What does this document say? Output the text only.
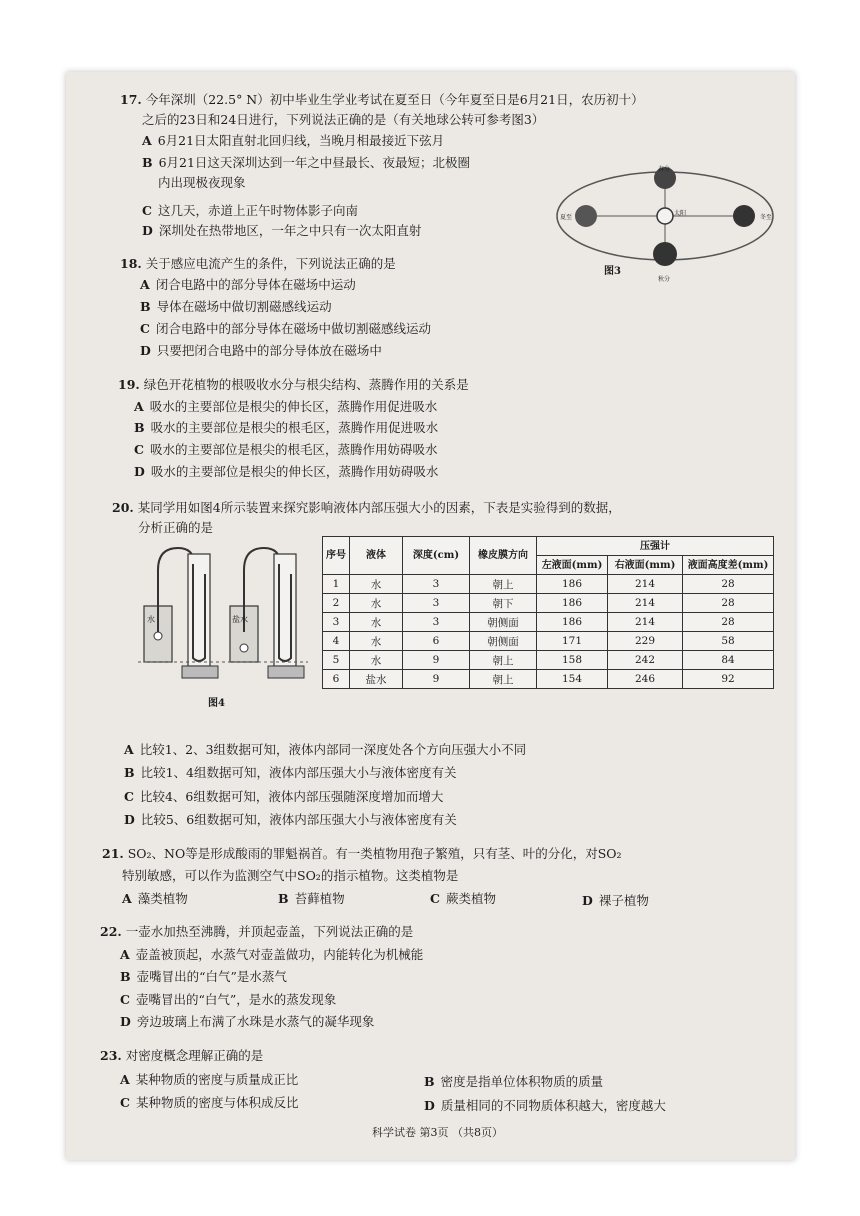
17. 今年深圳（22.5° N）初中毕业生学业考试在夏至日（今年夏至日是6月21日，农历初十）
之后的23日和24日进行，下列说法正确的是（有关地球公转可参考图3）
A 6月21日太阳直射北回归线，当晚月相最接近下弦月
B 6月21日这天深圳达到一年之中昼最长、夜最短；北极圈
内出现极夜现象
C 这几天，赤道上正午时物体影子向南
D 深圳处在热带地区，一年之中只有一次太阳直射
春分
秋分
夏至	冬至
太阳
图3
18. 关于感应电流产生的条件，下列说法正确的是
A 闭合电路中的部分导体在磁场中运动
B 导体在磁场中做切割磁感线运动
C 闭合电路中的部分导体在磁场中做切割磁感线运动
D 只要把闭合电路中的部分导体放在磁场中
19. 绿色开花植物的根吸收水分与根尖结构、蒸腾作用的关系是
A 吸水的主要部位是根尖的伸长区，蒸腾作用促进吸水
B 吸水的主要部位是根尖的根毛区，蒸腾作用促进吸水
C 吸水的主要部位是根尖的根毛区，蒸腾作用妨碍吸水
D 吸水的主要部位是根尖的伸长区，蒸腾作用妨碍吸水
20. 某同学用如图4所示装置来探究影响液体内部压强大小的因素，下表是实验得到的数据，
分析正确的是
水	盐水
图4
序号	液体	深度(cm)	橡皮膜方向	压强计		
				左液面(mm)	右液面(mm)	液面高度差(mm)
1	水	3	朝上	186	214	28
2	水	3	朝下	186	214	28
3	水	3	朝侧面	186	214	28
4	水	6	朝侧面	171	229	58
5	水	9	朝上	158	242	84
6	盐水	9	朝上	154	246	92
A 比较1、2、3组数据可知，液体内部同一深度处各个方向压强大小不同
B 比较1、4组数据可知，液体内部压强大小与液体密度有关
C 比较4、6组数据可知，液体内部压强随深度增加而增大
D 比较5、6组数据可知，液体内部压强大小与液体密度有关
21. SO₂、NO等是形成酸雨的罪魁祸首。有一类植物用孢子繁殖，只有茎、叶的分化，对SO₂
特别敏感，可以作为监测空气中SO₂的指示植物。这类植物是
A 藻类植物	B 苔藓植物	C 蕨类植物	D 裸子植物
22. 一壶水加热至沸腾，并顶起壶盖，下列说法正确的是
A 壶盖被顶起，水蒸气对壶盖做功，内能转化为机械能
B 壶嘴冒出的“白气”是水蒸气
C 壶嘴冒出的“白气”，是水的蒸发现象
D 旁边玻璃上布满了水珠是水蒸气的凝华现象
23. 对密度概念理解正确的是
A 某种物质的密度与质量成正比	B 密度是指单位体积物质的质量
C 某种物质的密度与体积成反比	D 质量相同的不同物质体积越大，密度越大
科学试卷 第3页 （共8页）
